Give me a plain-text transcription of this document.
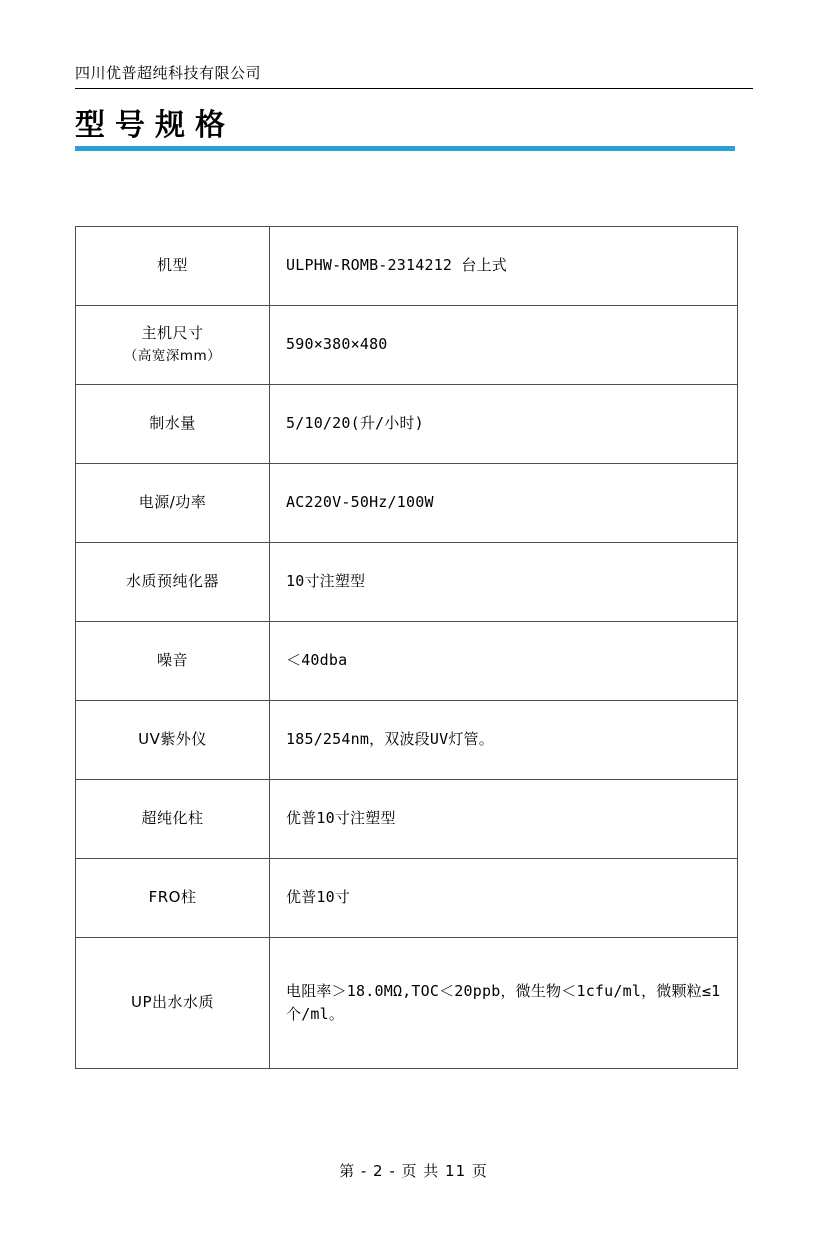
四川优普超纯科技有限公司
型号规格
机型	ULPHW-ROMB-2314212 台上式
主机尺寸
（高宽深mm）	590×380×480
制水量	5/10/20(升/小时)
电源/功率	AC220V-50Hz/100W
水质预纯化器	10寸注塑型
噪音	＜40dba
UV紫外仪	185/254nm，双波段UV灯管。
超纯化柱	优普10寸注塑型
FRO柱	优普10寸
UP出水水质	电阻率＞18.0MΩ,TOC＜20ppb，微生物＜1cfu/ml，微颗粒≤1个/ml。
第 - 2 - 页 共 11 页
